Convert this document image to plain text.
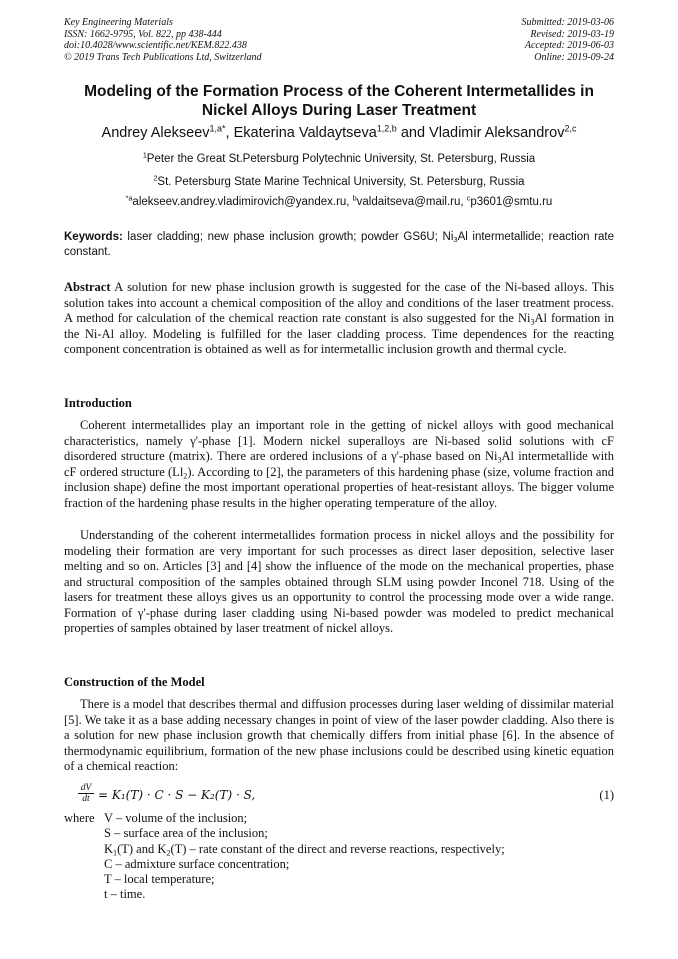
Key Engineering Materials
ISSN: 1662-9795, Vol. 822, pp 438-444
doi:10.4028/www.scientific.net/KEM.822.438
© 2019 Trans Tech Publications Ltd, Switzerland
Submitted: 2019-03-06
Revised: 2019-03-19
Accepted: 2019-06-03
Online: 2019-09-24
Modeling of the Formation Process of the Coherent Intermetallides in
Nickel Alloys During Laser Treatment
Andrey Alekseev$^{1,a*}$, Ekaterina Valdaytseva$^{1,2,b}$ and Vladimir Aleksandrov$^{2,c}$
$^1$Peter the Great St.Petersburg Polytechnic University, St. Petersburg, Russia
$^2$St. Petersburg State Marine Technical University, St. Petersburg, Russia
$^{*a}$alekseev.andrey.vladimirovich@yandex.ru, $^b$valdaitseva@mail.ru, $^c$p3601@smtu.ru
Keywords: laser cladding; new phase inclusion growth; powder GS6U; $Ni_3Al$ intermetallide; reaction rate constant.
Abstract A solution for new phase inclusion growth is suggested for the case of the Ni-based alloys. This solution takes into account a chemical composition of the alloy and conditions of the laser treatment process. A method for calculation of the chemical reaction rate constant is also suggested for the $Ni_3Al$ formation in the Ni-Al alloy. Modeling is fulfilled for the laser cladding process. Time dependences for the reacting component concentration is obtained as well as for intermetallic inclusion growth and thermal cycle.
Introduction
Coherent intermetallides play an important role in the getting of nickel alloys with good mechanical characteristics, namely γ'-phase [1]. Modern nickel superalloys are Ni-based solid solutions with cF disordered structure (matrix). There are ordered inclusions of a γ'-phase based on $Ni_3Al$ intermetallide with cF ordered structure $(Ll_2)$. According to [2], the parameters of this hardening phase (size, volume fraction and inclusion shape) define the most important operational properties of heat-resistant alloys. The bigger volume fraction of the hardening phase results in the higher operating temperature of the alloy.
Understanding of the coherent intermetallides formation process in nickel alloys and the possibility for modeling their formation are very important for such processes as direct laser deposition, selective laser melting and so on. Articles [3] and [4] show the influence of the mode on the mechanical properties, phase and structural composition of the samples obtained through SLM using powder Inconel 718. Using of the lasers for treatment these alloys gives us an opportunity to control the processing mode over a wide range. Formation of γ'-phase during laser cladding using Ni-based powder was modeled to predict mechanical properties of samples obtained by laser treatment of nickel alloys.
Construction of the Model
There is a model that describes thermal and diffusion processes during laser welding of dissimilar material [5]. We take it as a base adding necessary changes in point of view of the laser powder cladding. Also there is a solution for new phase inclusion growth that chemically differs from initial phase [6]. In the absence of thermodynamic equilibrium, formation of the new phase inclusions could be described using kinetic equation of a chemical reaction:
$\frac{dV}{dt} = K_1(T) \cdot C \cdot S - K_2(T) \cdot S$,	(1)
where V – volume of the inclusion;
S – surface area of the inclusion;
$K_1(T)$ and $K_2(T)$ – rate constant of the direct and reverse reactions, respectively;
C – admixture surface concentration;
T – local temperature;
t – time.
